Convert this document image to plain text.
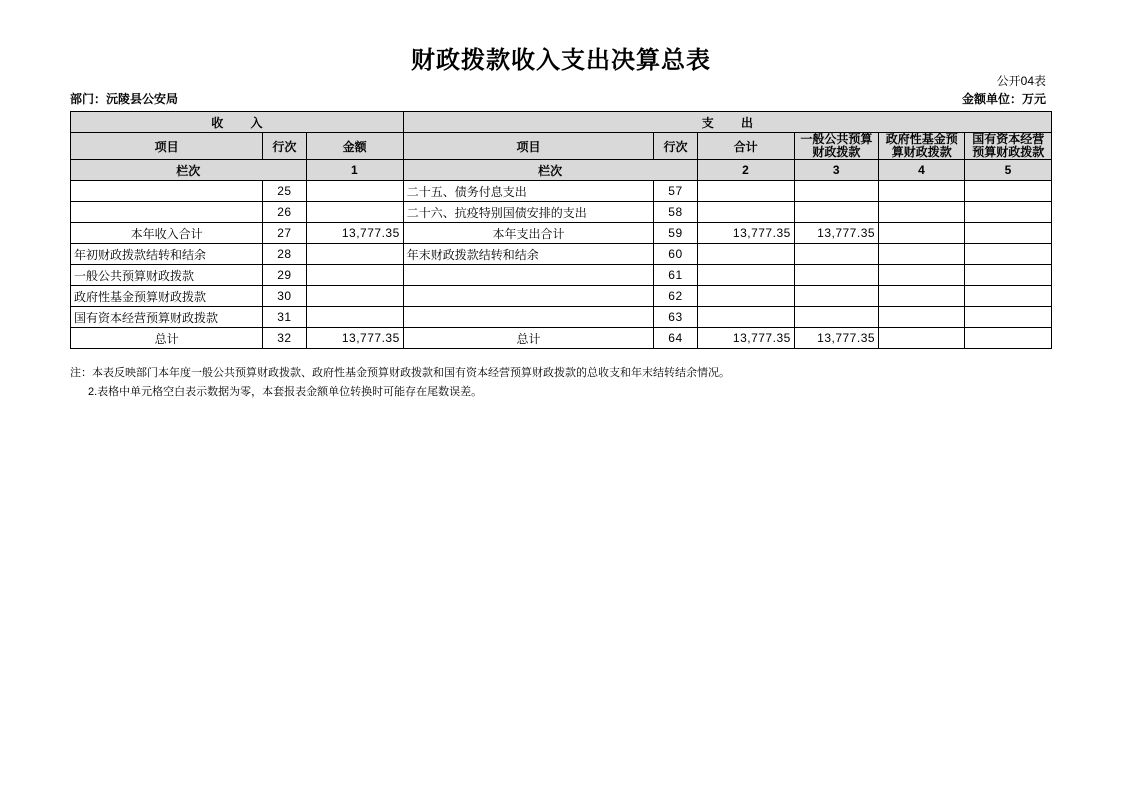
财政拨款收入支出决算总表
公开04表
部门：沅陵县公安局	金额单位：万元
收 入			支 出					
项目	行次	金额	项目	行次	合计	一般公共预算财政拨款	政府性基金预算财政拨款	国有资本经营预算财政拨款
栏次		1	栏次		2	3	4	5
	25		二十五、债务付息支出	57				
	26		二十六、抗疫特别国债安排的支出	58				
本年收入合计	27	13,777.35	本年支出合计	59	13,777.35	13,777.35		
年初财政拨款结转和结余	28		年末财政拨款结转和结余	60				
一般公共预算财政拨款	29			61				
政府性基金预算财政拨款	30			62				
国有资本经营预算财政拨款	31			63				
总计	32	13,777.35	总计	64	13,777.35	13,777.35		
注：本表反映部门本年度一般公共预算财政拨款、政府性基金预算财政拨款和国有资本经营预算财政拨款的总收支和年末结转结余情况。
2.表格中单元格空白表示数据为零，本套报表金额单位转换时可能存在尾数误差。
